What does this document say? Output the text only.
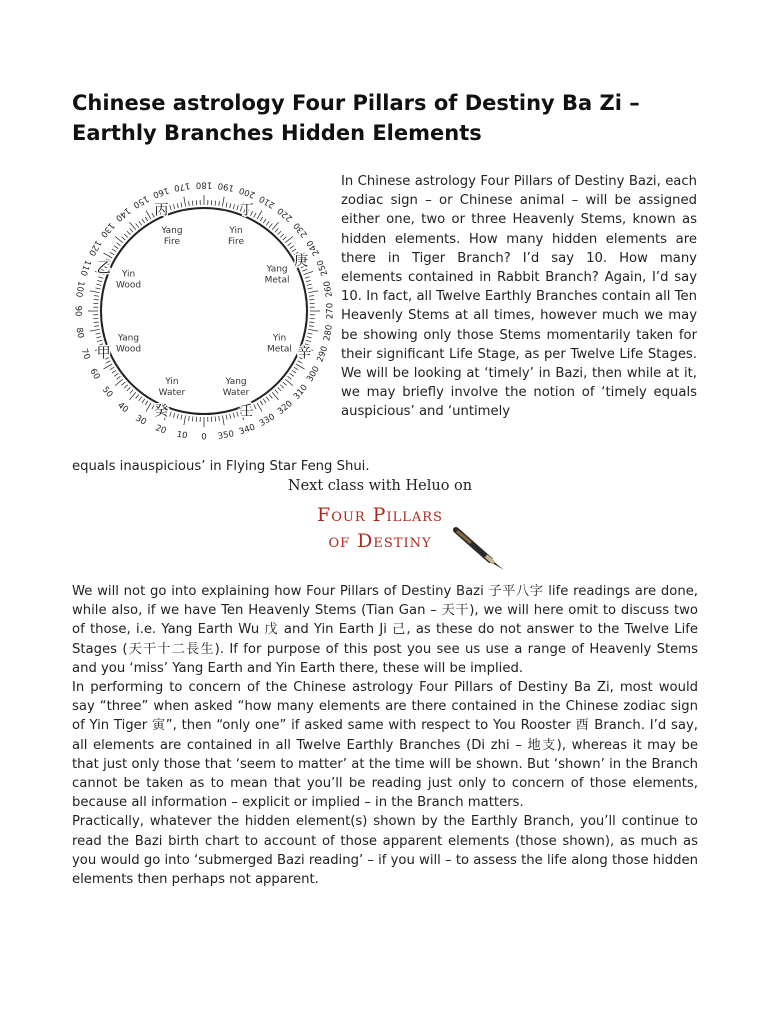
Chinese astrology Four Pillars of Destiny Ba Zi – Earthly Branches Hidden Elements
0
10
20
30
40
50
60
70
80
90
100
110
120
130
140
150
160 170 180 190 200
210
220
230
240
250
260
270
280
290
300
310
320
330
340
350
丙
Yang
Fire
丁
Yin
Fire
庚
Yang
Metal
辛
Yin
Metal
壬
Yang
Water
癸
Yin
Water
甲
Yang
Wood
乙 Yin
Wood

In Chinese astrology Four Pillars of Destiny Bazi, each zodiac sign – or Chinese animal – will be assigned either one, two or three Heavenly Stems, known as hidden elements. How many hidden elements are there in Tiger Branch? I’d say 10. How many elements contained in Rabbit Branch? Again, I’d say 10. In fact, all Twelve Earthly Branches contain all Ten Heavenly Stems at all times, however much we may be showing only those Stems momentarily taken for their significant Life Stage, as per Twelve Life Stages. We will be looking at ‘timely’ in Bazi, then while at it, we may briefly involve the notion of ‘timely equals auspicious’ and ‘untimely

equals inauspicious’ in Flying Star Feng Shui.

Next class with Heluo on
Four Pillars
of Destiny

We will not go into explaining how Four Pillars of Destiny Bazi 子平八字 life readings are done, while also, if we have Ten Heavenly Stems (Tian Gan – 天干), we will here omit to discuss two of those, i.e. Yang Earth Wu 戊 and Yin Earth Ji 己, as these do not answer to the Twelve Life Stages (天干十二長生). If for purpose of this post you see us use a range of Heavenly Stems and you ‘miss’ Yang Earth and Yin Earth there, these will be implied.

In performing to concern of the Chinese astrology Four Pillars of Destiny Ba Zi, most would say “three” when asked “how many elements are there contained in the Chinese zodiac sign of Yin Tiger 寅”, then “only one” if asked same with respect to You Rooster 酉 Branch. I’d say, all elements are contained in all Twelve Earthly Branches (Di zhi – 地支), whereas it may be that just only those that ‘seem to matter’ at the time will be shown. But ‘shown’ in the Branch cannot be taken as to mean that you’ll be reading just only to concern of those elements, because all information – explicit or implied – in the Branch matters.

Practically, whatever the hidden element(s) shown by the Earthly Branch, you’ll continue to read the Bazi birth chart to account of those apparent elements (those shown), as much as you would go into ‘submerged Bazi reading’ – if you will – to assess the life along those hidden elements then perhaps not apparent.
